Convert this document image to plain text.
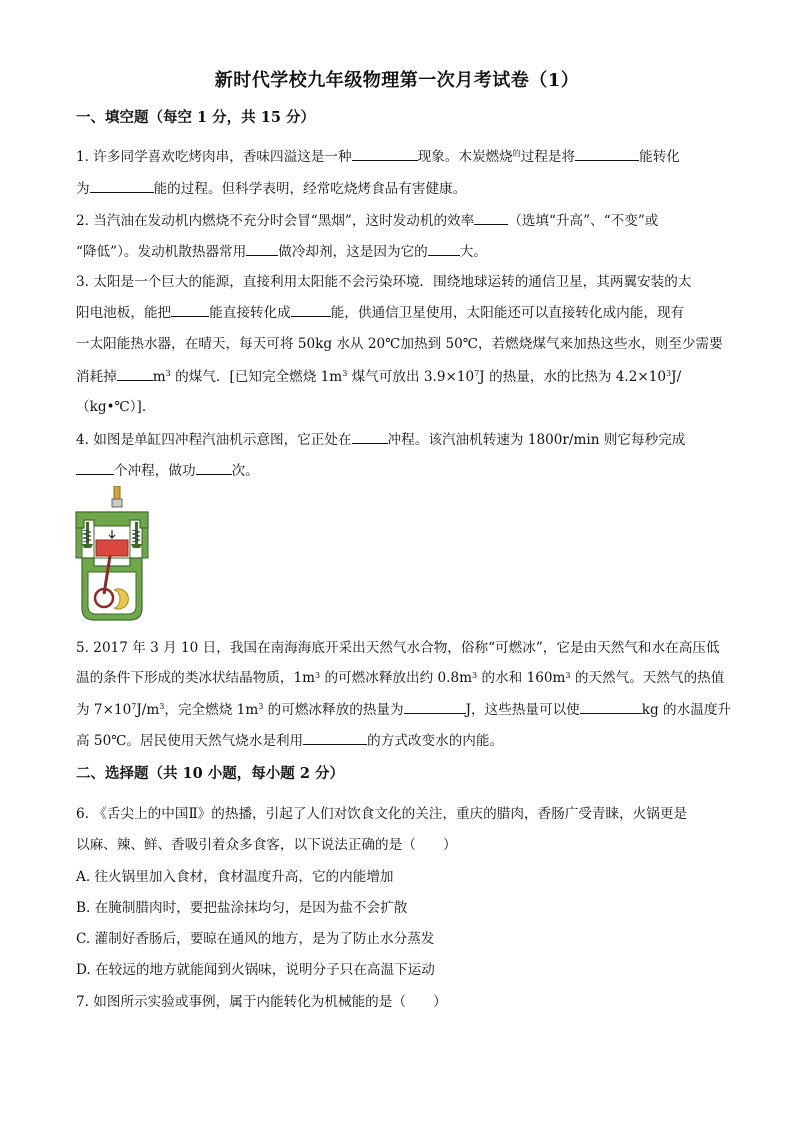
新时代学校九年级物理第一次月考试卷（1）
一、填空题（每空 1 分，共 15 分）
1. 许多同学喜欢吃烤肉串，香味四溢这是一种	现象。木炭燃烧$^的$过程是将	能转化
为	能的过程。但科学表明，经常吃烧烤食品有害健康。
2. 当汽油在发动机内燃烧不充分时会冒“黑烟”，这时发动机的效率	（选填“升高”、“不变”或
“降低”）。发动机散热器常用 做冷却剂，这是因为它的 大。
3. 太阳是一个巨大的能源，直接利用太阳能不会污染环境．围绕地球运转的通信卫星，其两翼安装的太
阳电池板，能把	能直接转化成	能，供通信卫星使用，太阳能还可以直接转化成内能，现有
一太阳能热水器，在晴天，每天可将 50kg 水从 20℃加热到 50℃，若燃烧煤气来加热这些水，则至少需要
消耗掉	$m^3$ 的煤气．[已知完全燃烧 $1m^3$ 煤气可放出 $3.9\times 10^7J$ 的热量，水的比热为 $4.2\times 10^3J/$
（kg•℃）]．
4. 如图是单缸四冲程汽油机示意图，它正处在	冲程。该汽油机转速为 1800r/min 则它每秒完成
个冲程，做功	次。
5. 2017 年 3 月 10 日，我国在南海海底开采出天然气水合物，俗称“可燃冰”，它是由天然气和水在高压低
温的条件下形成的类冰状结晶物质，$1m^3$ 的可燃冰释放出约 $0.8m^3$ 的水和 $160m^3$ 的天然气。天然气的热值
为 $7\times 10^7J/m^3$，完全燃烧 $1m^3$ 的可燃冰释放的热量为	J，这些热量可以使	kg 的水温度升
高 50℃。居民使用天然气烧水是利用	的方式改变水的内能。
二、选择题（共 10 小题，每小题 2 分）
6. 《舌尖上的中国Ⅱ》的热播，引起了人们对饮食文化的关注，重庆的腊肉，香肠广受青睐，火锅更是
以麻、辣、鲜、香吸引着众多食客，以下说法正确的是（　　）
A. 往火锅里加入食材，食材温度升高，它的内能增加
B. 在腌制腊肉时，要把盐涂抹均匀，是因为盐不会扩散
C. 灌制好香肠后，要晾在通风的地方，是为了防止水分蒸发
D. 在较远的地方就能闻到火锅味，说明分子只在高温下运动
7. 如图所示实验或事例，属于内能转化为机械能的是（　　）
